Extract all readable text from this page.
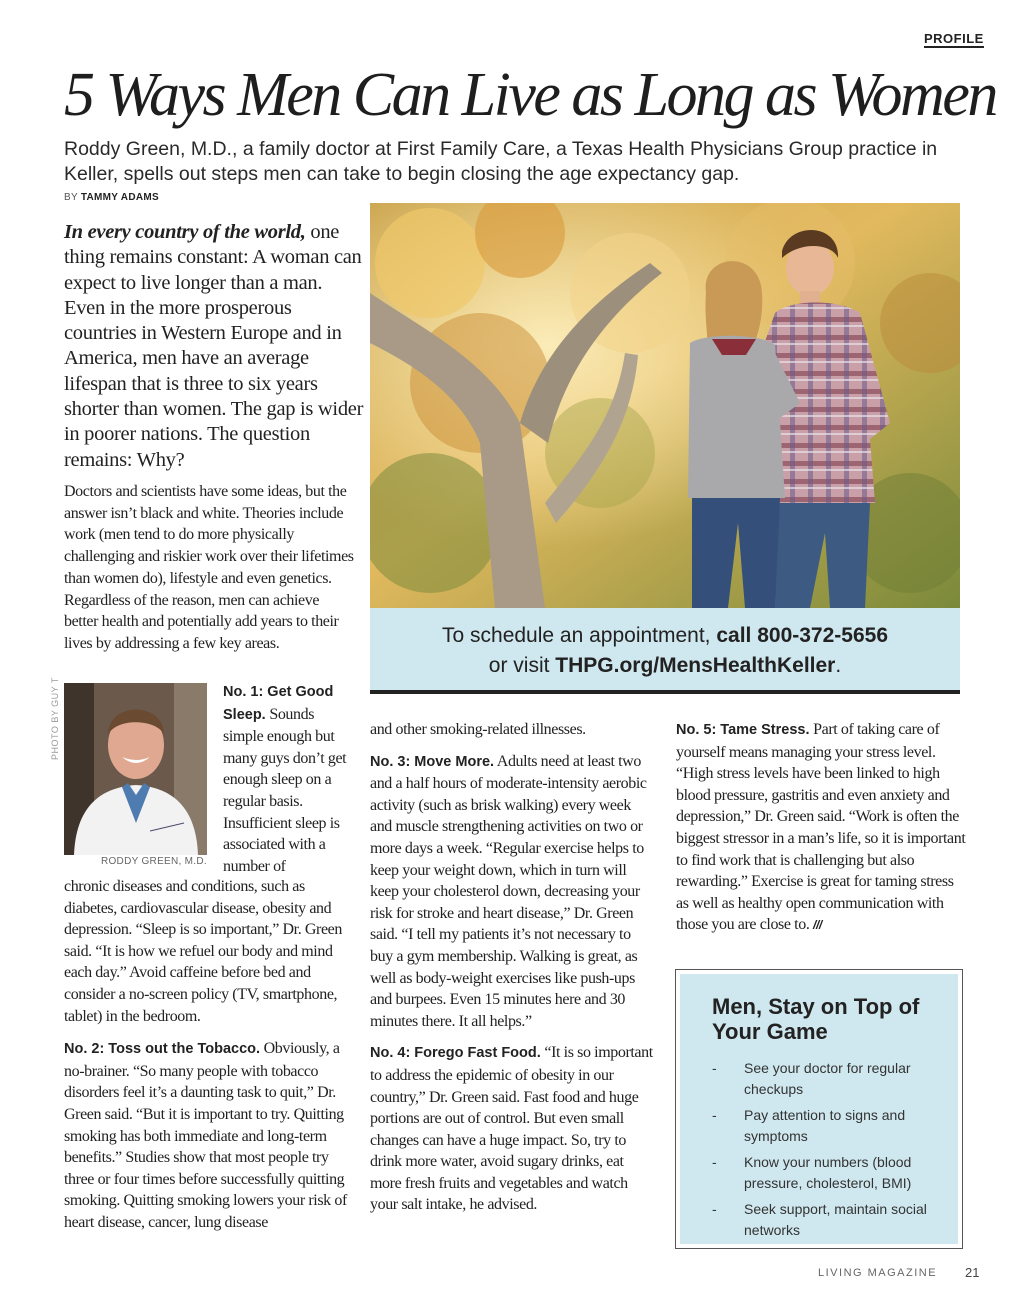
PROFILE
5 Ways Men Can Live as Long as Women
Roddy Green, M.D., a family doctor at First Family Care, a Texas Health Physicians Group practice in Keller, spells out steps men can take to begin closing the age expectancy gap.
BY TAMMY ADAMS
In every country of the world, one thing remains constant: A woman can expect to live longer than a man. Even in the more prosperous countries in Western Europe and in America, men have an average lifespan that is three to six years shorter than women. The gap is wider in poorer nations. The question remains: Why?
Doctors and scientists have some ideas, but the answer isn’t black and white. Theories include work (men tend to do more physically challenging and riskier work over their lifetimes than women do), lifestyle and even genetics. Regardless of the reason, men can achieve better health and potentially add years to their lives by addressing a few key areas.	To schedule an appointment, call 800-372-5656
or visit THPG.org/MensHealthKeller.
PHOTO BY GUY T
RODDY GREEN, M.D.
No. 1: Get Good Sleep. Sounds simple enough but many guys don’t get enough sleep on a regular basis. Insufficient sleep is associated with a number of
chronic diseases and conditions, such as diabetes, cardiovascular disease, obesity and depression. “Sleep is so important,” Dr. Green said. “It is how we refuel our body and mind each day.” Avoid caffeine before bed and consider a no-screen policy (TV, smartphone, tablet) in the bedroom.
No. 2: Toss out the Tobacco. Obviously, a no-brainer. “So many people with tobacco disorders feel it’s a daunting task to quit,” Dr. Green said. “But it is important to try. Quitting smoking has both immediate and long-term benefits.” Studies show that most people try three or four times before successfully quitting smoking. Quitting smoking lowers your risk of heart disease, cancer, lung disease
and other smoking-related illnesses.
No. 3: Move More. Adults need at least two and a half hours of moderate-intensity aerobic activity (such as brisk walking) every week and muscle strengthening activities on two or more days a week. “Regular exercise helps to keep your weight down, which in turn will keep your cholesterol down, decreasing your risk for stroke and heart disease,” Dr. Green said. “I tell my patients it’s not necessary to buy a gym membership. Walking is great, as well as body-weight exercises like push-ups and burpees. Even 15 minutes here and 30 minutes there. It all helps.”
No. 4: Forego Fast Food. “It is so important to address the epidemic of obesity in our country,” Dr. Green said. Fast food and huge portions are out of control. But even small changes can have a huge impact. So, try to drink more water, avoid sugary drinks, eat more fresh fruits and vegetables and watch your salt intake, he advised.
No. 5: Tame Stress. Part of taking care of yourself means managing your stress level. “High stress levels have been linked to high blood pressure, gastritis and even anxiety and depression,” Dr. Green said. “Work is often the biggest stressor in a man’s life, so it is important to find work that is challenging but also rewarding.” Exercise is great for taming stress as well as healthy open communication with those you are close to. ///
Men, Stay on Top of Your Game
-	See your doctor for regular checkups
-	Pay attention to signs and symptoms
-	Know your numbers (blood pressure, cholesterol, BMI)
-	Seek support, maintain social networks
LIVING MAGAZINE 21
